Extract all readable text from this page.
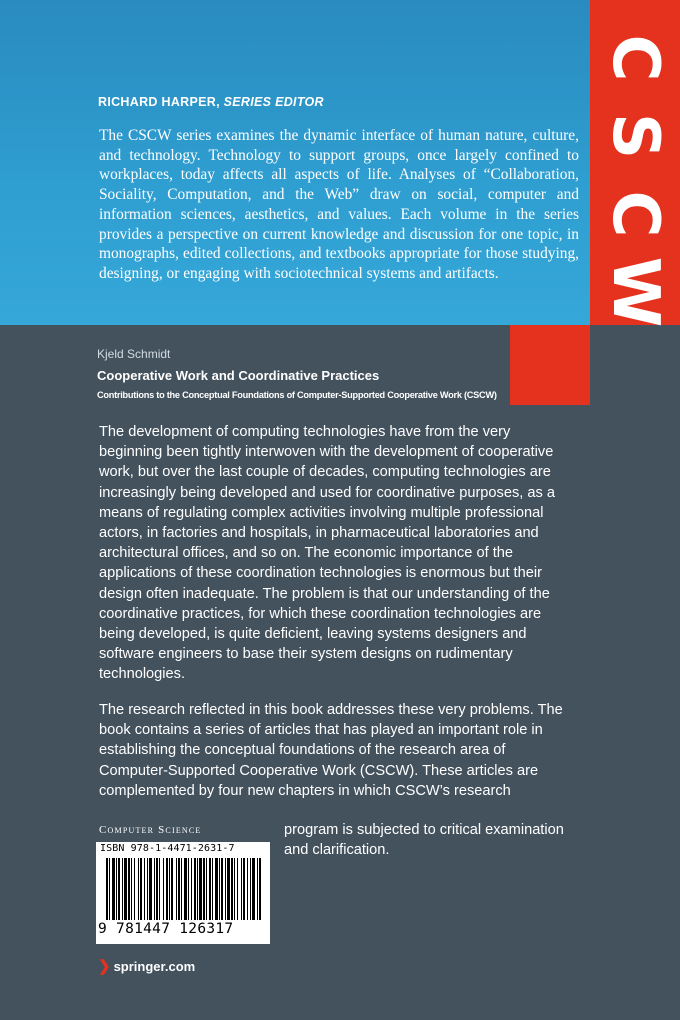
C
S
C
W
RICHARD HARPER, SERIES EDITOR
The CSCW series examines the dynamic interface of human nature, culture, and technology. Technology to support groups, once largely confined to workplaces, today affects all aspects of life. Analyses of “Collaboration, Sociality, Computation, and the Web” draw on social, computer and information sciences, aesthetics, and values. Each volume in the series provides a perspective on current knowledge and discussion for one topic, in monographs, edited collections, and textbooks appropriate for those studying, designing, or engaging with sociotechnical systems and artifacts.
Kjeld Schmidt
Cooperative Work and Coordinative Practices
Contributions to the Conceptual Foundations of Computer-Supported Cooperative Work (CSCW)

The development of computing technologies have from the very beginning been tightly interwoven with the development of cooperative work, but over the last couple of decades, computing technologies are increasingly being developed and used for coordinative purposes, as a means of regulating complex activities involving multiple professional actors, in factories and hospitals, in pharmaceutical laboratories and architectural offices, and so on. The economic importance of the applications of these coordination technologies is enormous but their design often inadequate. The problem is that our understanding of the coordinative practices, for which these coordination technologies are being developed, is quite deficient, leaving systems designers and software engineers to base their system designs on rudimentary technologies.

The research reflected in this book addresses these very problems. The book contains a series of articles that has played an important role in establishing the conceptual foundations of the research area of Computer-Supported Cooperative Work (CSCW). These articles are complemented by four new chapters in which CSCW’s research

program is subjected to critical examination and clarification.

Computer Science
ISBN 978-1-4471-2631-7
9 781447 126317
❯ springer.com
